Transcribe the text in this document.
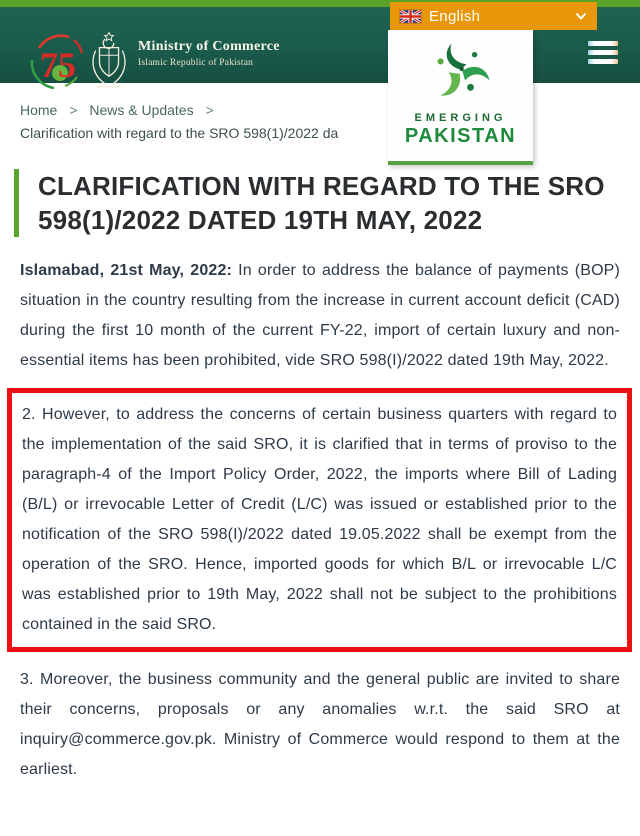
75	Ministry of Commerce
Islamic Republic of Pakistan
English
EMERGING
PAKISTAN
Home > News & Updates >
Clarification with regard to the SRO 598(1)/2022 da
CLARIFICATION WITH REGARD TO THE SRO 598(1)/2022 DATED 19TH MAY, 2022

Islamabad, 21st May, 2022: In order to address the balance of payments (BOP) situation in the country resulting from the increase in current account deficit (CAD) during the first 10 month of the current FY-22, import of certain luxury and non-essential items has been prohibited, vide SRO 598(I)/2022 dated 19th May, 2022.

2. However, to address the concerns of certain business quarters with regard to the implementation of the said SRO, it is clarified that in terms of proviso to the paragraph-4 of the Import Policy Order, 2022, the imports where Bill of Lading (B/L) or irrevocable Letter of Credit (L/C) was issued or established prior to the notification of the SRO 598(I)/2022 dated 19.05.2022 shall be exempt from the operation of the SRO. Hence, imported goods for which B/L or irrevocable L/C was established prior to 19th May, 2022 shall not be subject to the prohibitions contained in the said SRO.

3. Moreover, the business community and the general public are invited to share their concerns, proposals or any anomalies w.r.t. the said SRO at inquiry@commerce.gov.pk. Ministry of Commerce would respond to them at the earliest.
